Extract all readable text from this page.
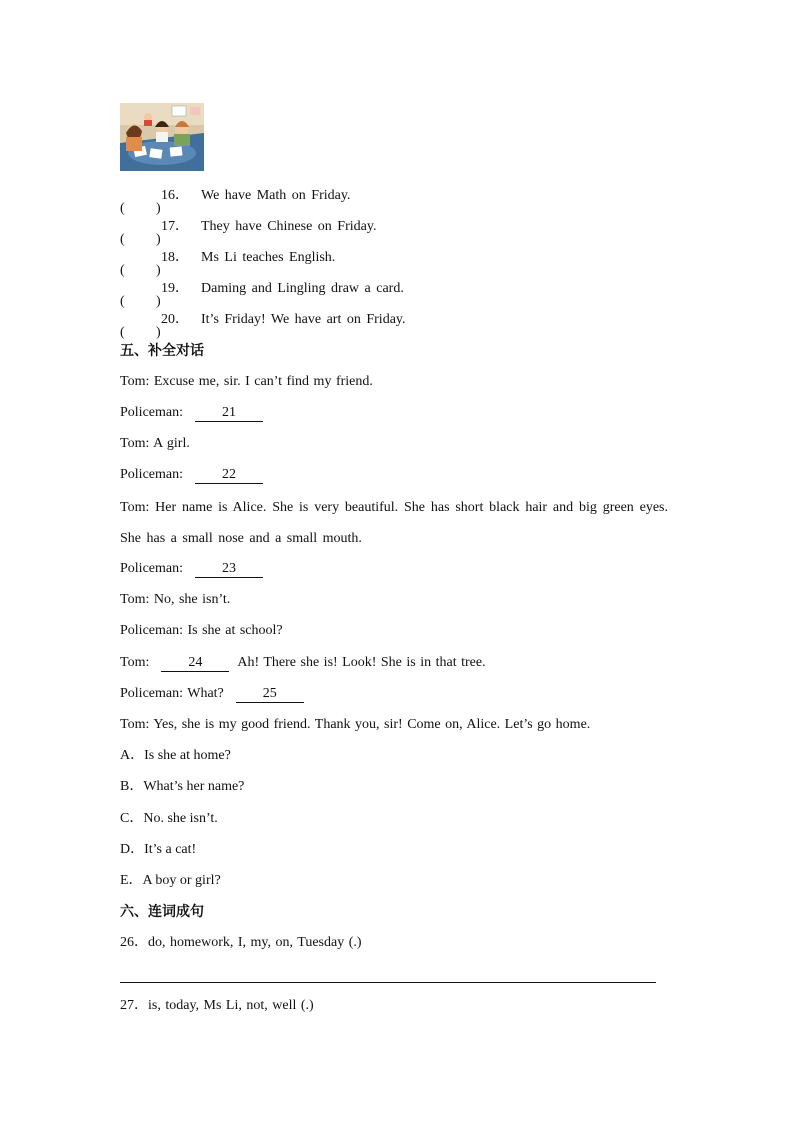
( )
16． We have Math on Friday.
( )
17． They have Chinese on Friday.
( )
18． Ms Li teaches English.
( )
19． Daming and Lingling draw a card.
( )
20． It’s Friday! We have art on Friday.
五、补全对话
Tom: Excuse me, sir. I can’t find my friend.
Policeman:	21
Tom: A girl.
Policeman:	22
Tom: Her name is Alice. She is very beautiful. She has short black hair and big green eyes. She has a small nose and a small mouth.
Policeman:	23
Tom: No, she isn’t.
Policeman: Is she at school?
Tom:	24	Ah! There she is! Look! She is in that tree.
Policeman: What?	25
Tom: Yes, she is my good friend. Thank you, sir! Come on, Alice. Let’s go home.
A．Is she at home?
B．What’s her name?
C．No. she isn’t.
D．It’s a cat!
E．A boy or girl?
六、连词成句
26．do, homework, I, my, on, Tuesday (.)
27．is, today, Ms Li, not, well (.)
